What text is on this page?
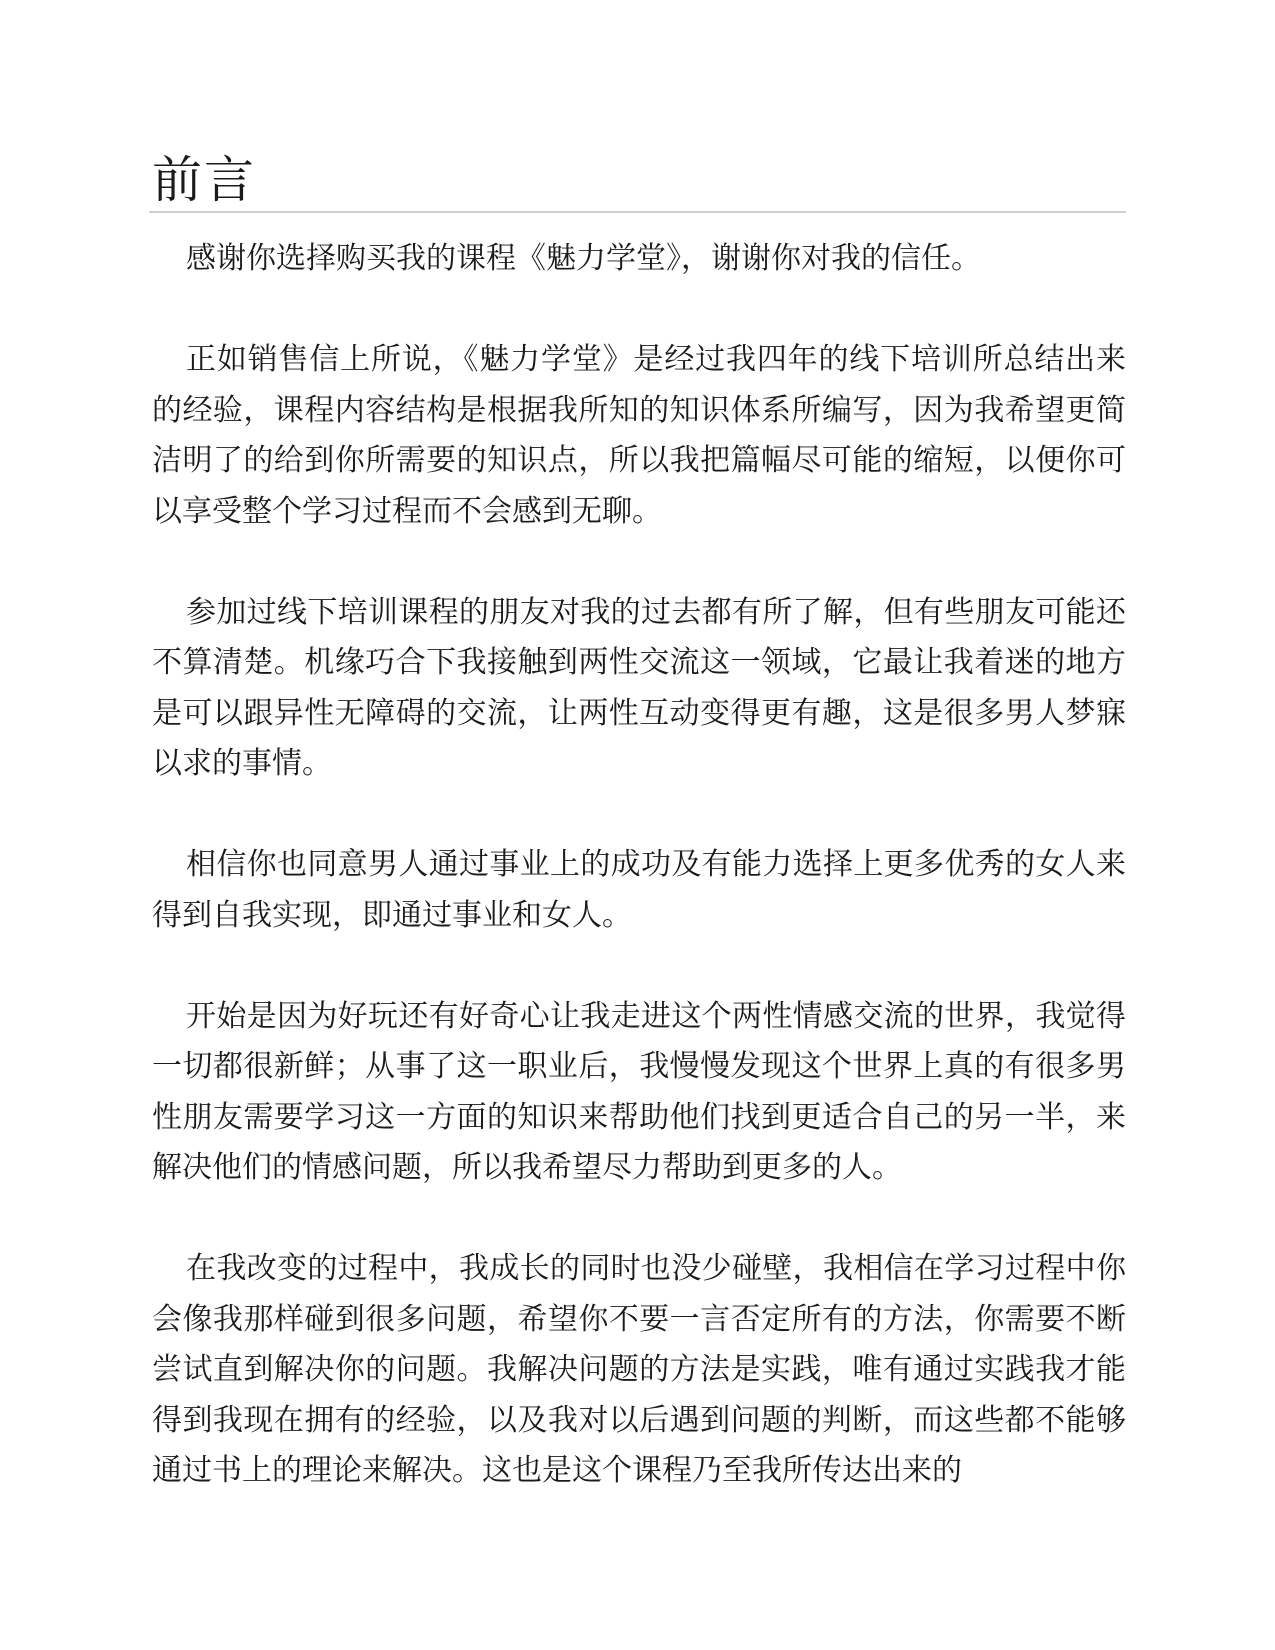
前言

感谢你选择购买我的课程《魅力学堂》，谢谢你对我的信任。

正如销售信上所说，《魅力学堂》是经过我四年的线下培训所总结出来的经验，课程内容结构是根据我所知的知识体系所编写，因为我希望更简洁明了的给到你所需要的知识点，所以我把篇幅尽可能的缩短，以便你可以享受整个学习过程而不会感到无聊。

参加过线下培训课程的朋友对我的过去都有所了解，但有些朋友可能还不算清楚。机缘巧合下我接触到两性交流这一领域，它最让我着迷的地方是可以跟异性无障碍的交流，让两性互动变得更有趣，这是很多男人梦寐以求的事情。

相信你也同意男人通过事业上的成功及有能力选择上更多优秀的女人来得到自我实现，即通过事业和女人。

开始是因为好玩还有好奇心让我走进这个两性情感交流的世界，我觉得一切都很新鲜；从事了这一职业后，我慢慢发现这个世界上真的有很多男性朋友需要学习这一方面的知识来帮助他们找到更适合自己的另一半，来解决他们的情感问题，所以我希望尽力帮助到更多的人。

在我改变的过程中，我成长的同时也没少碰壁，我相信在学习过程中你会像我那样碰到很多问题，希望你不要一言否定所有的方法，你需要不断尝试直到解决你的问题。我解决问题的方法是实践，唯有通过实践我才能得到我现在拥有的经验，以及我对以后遇到问题的判断，而这些都不能够通过书上的理论来解决。这也是这个课程乃至我所传达出来的
